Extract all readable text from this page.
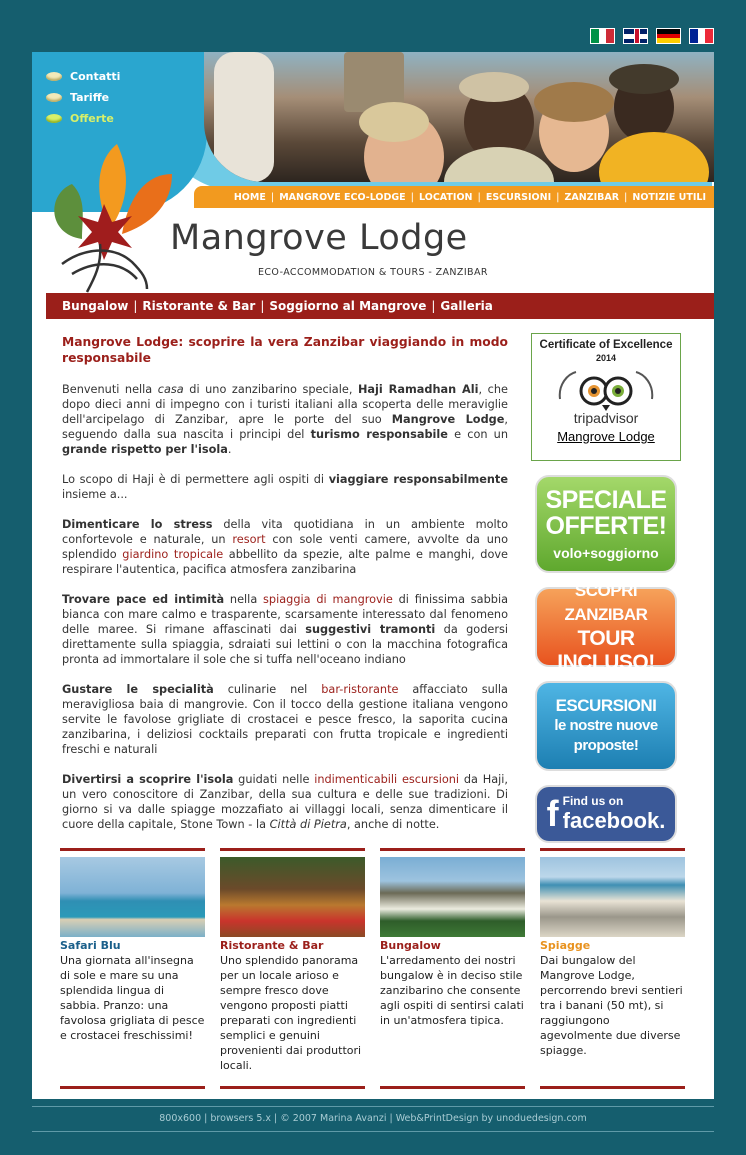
Contatti
Tariffe
Offerte
HOME | MANGROVE ECO-LODGE | LOCATION | ESCURSIONI | ZANZIBAR | NOTIZIE UTILI
Mangrove Lodge
ECO-ACCOMMODATION & TOURS - ZANZIBAR
Bungalow | Ristorante & Bar | Soggiorno al Mangrove | Galleria
Mangrove Lodge: scoprire la vera Zanzibar viaggiando in modo responsabile

Benvenuti nella casa di uno zanzibarino speciale, Haji Ramadhan Ali, che dopo dieci anni di impegno con i turisti italiani alla scoperta delle meraviglie dell'arcipelago di Zanzibar, apre le porte del suo Mangrove Lodge, seguendo dalla sua nascita i principi del turismo responsabile e con un grande rispetto per l'isola.

Lo scopo di Haji è di permettere agli ospiti di viaggiare responsabilmente insieme a...

Dimenticare lo stress della vita quotidiana in un ambiente molto confortevole e naturale, un resort con sole venti camere, avvolte da uno splendido giardino tropicale abbellito da spezie, alte palme e manghi, dove respirare l'autentica, pacifica atmosfera zanzibarina

Trovare pace ed intimità nella spiaggia di mangrovie di finissima sabbia bianca con mare calmo e trasparente, scarsamente interessato dal fenomeno delle maree. Si rimane affascinati dai suggestivi tramonti da godersi direttamente sulla spiaggia, sdraiati sui lettini o con la macchina fotografica pronta ad immortalare il sole che si tuffa nell'oceano indiano

Gustare le specialità culinarie nel bar-ristorante affacciato sulla meravigliosa baia di mangrovie. Con il tocco della gestione italiana vengono servite le favolose grigliate di crostacei e pesce fresco, la saporita cucina zanzibarina, i deliziosi cocktails preparati con frutta tropicale e ingredienti freschi e naturali

Divertirsi a scoprire l'isola guidati nelle indimenticabili escursioni da Haji, un vero conoscitore di Zanzibar, della sua cultura e delle sue tradizioni. Di giorno si va dalle spiagge mozzafiato ai villaggi locali, senza dimenticare il cuore della capitale, Stone Town - la Città di Pietra, anche di notte.

Certificate of Excellence
2014
tripadvisor
Mangrove Lodge
SPECIALE
OFFERTE!
volo+soggiorno
SCOPRI ZANZIBAR
TOUR INCLUSO!
ESCURSIONI
le nostre nuove
proposte!
f Find us on
facebook.
Safari Blu
Una giornata all'insegna di sole e mare su una splendida lingua di sabbia. Pranzo: una favolosa grigliata di pesce e crostacei freschissimi!
Ristorante & Bar
Uno splendido panorama per un locale arioso e sempre fresco dove vengono proposti piatti preparati con ingredienti semplici e genuini provenienti dai produttori locali.
Bungalow
L'arredamento dei nostri bungalow è in deciso stile zanzibarino che consente agli ospiti di sentirsi calati in un'atmosfera tipica.
Spiagge
Dai bungalow del Mangrove Lodge, percorrendo brevi sentieri tra i banani (50 mt), si raggiungono agevolmente due diverse spiagge.
800x600 | browsers 5.x | © 2007 Marina Avanzi | Web&PrintDesign by unoduedesign.com
